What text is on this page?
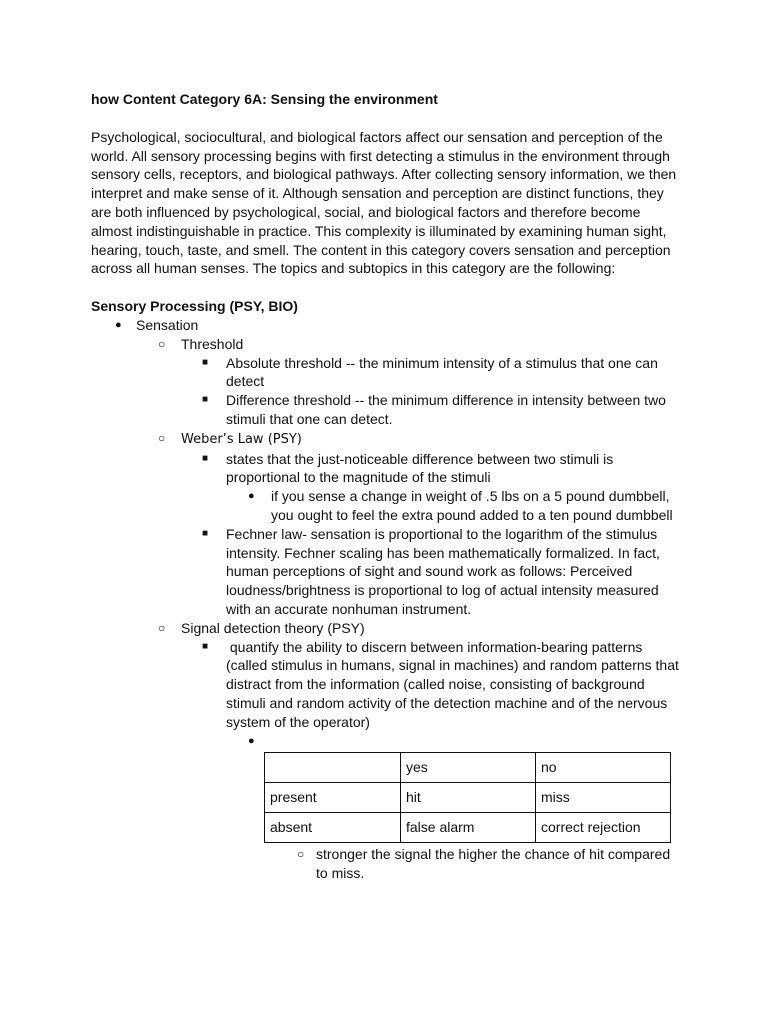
how Content Category 6A: Sensing the environment

Psychological, sociocultural, and biological factors affect our sensation and perception of the world. All sensory processing begins with first detecting a stimulus in the environment through sensory cells, receptors, and biological pathways. After collecting sensory information, we then interpret and make sense of it. Although sensation and perception are distinct functions, they are both influenced by psychological, social, and biological factors and therefore become almost indistinguishable in practice. This complexity is illuminated by examining human sight, hearing, touch, taste, and smell. The content in this category covers sensation and perception across all human senses. The topics and subtopics in this category are the following:

Sensory Processing (PSY, BIO)

● Sensation
○ Threshold
■ Absolute threshold -- the minimum intensity of a stimulus that one can
detect
■ Difference threshold -- the minimum difference in intensity between two
stimuli that one can detect.
○ Weber’s Law (PSY)
■ states that the just-noticeable difference between two stimuli is
proportional to the magnitude of the stimuli
● if you sense a change in weight of .5 lbs on a 5 pound dumbbell,
you ought to feel the extra pound added to a ten pound dumbbell
■ Fechner law- sensation is proportional to the logarithm of the stimulus
intensity. Fechner scaling has been mathematically formalized. In fact,
human perceptions of sight and sound work as follows: Perceived
loudness/brightness is proportional to log of actual intensity measured
with an accurate nonhuman instrument.
○ Signal detection theory (PSY)
■ quantify the ability to discern between information-bearing patterns
(called stimulus in humans, signal in machines) and random patterns that
distract from the information (called noise, consisting of background
stimuli and random activity of the detection machine and of the nervous
system of the operator)
●
	yes	no
present	hit	miss
absent	false alarm	correct rejection
○ stronger the signal the higher the chance of hit compared
to miss.
